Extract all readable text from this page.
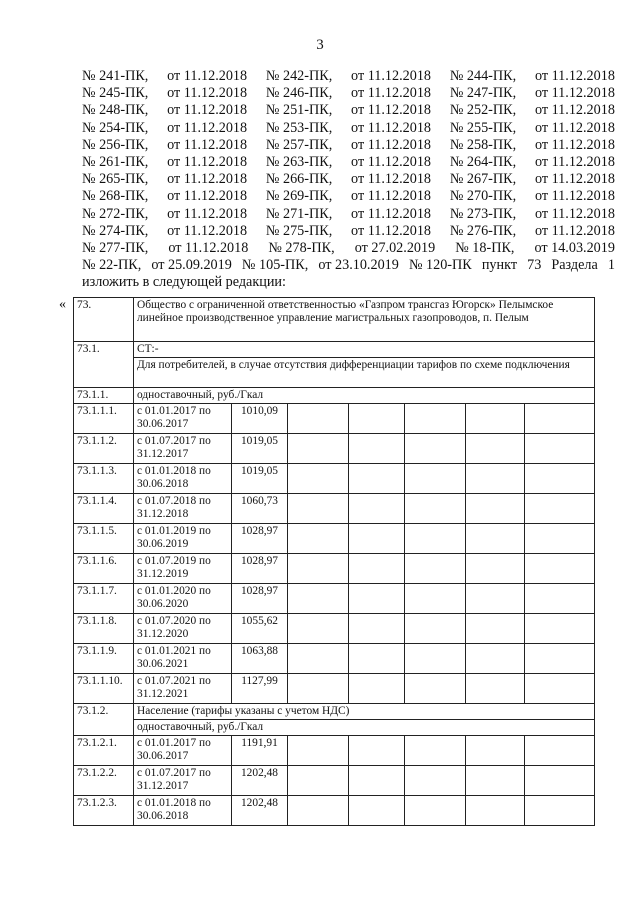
3
№ 241-ПК, от 11.12.2018 № 242-ПК, от 11.12.2018 № 244-ПК, от 11.12.2018
№ 245-ПК, от 11.12.2018 № 246-ПК, от 11.12.2018 № 247-ПК, от 11.12.2018
№ 248-ПК, от 11.12.2018 № 251-ПК, от 11.12.2018 № 252-ПК, от 11.12.2018
№ 254-ПК, от 11.12.2018 № 253-ПК, от 11.12.2018 № 255-ПК, от 11.12.2018
№ 256-ПК, от 11.12.2018 № 257-ПК, от 11.12.2018 № 258-ПК, от 11.12.2018
№ 261-ПК, от 11.12.2018 № 263-ПК, от 11.12.2018 № 264-ПК, от 11.12.2018
№ 265-ПК, от 11.12.2018 № 266-ПК, от 11.12.2018 № 267-ПК, от 11.12.2018
№ 268-ПК, от 11.12.2018 № 269-ПК, от 11.12.2018 № 270-ПК, от 11.12.2018
№ 272-ПК, от 11.12.2018 № 271-ПК, от 11.12.2018 № 273-ПК, от 11.12.2018
№ 274-ПК, от 11.12.2018 № 275-ПК, от 11.12.2018 № 276-ПК, от 11.12.2018
№ 277-ПК, от 11.12.2018 № 278-ПК, от 27.02.2019 № 18-ПК, от 14.03.2019
№ 22-ПК, от 25.09.2019 № 105-ПК, от 23.10.2019 № 120-ПК пункт 73 Раздела 1
изложить в следующей редакции:
« 73.	Общество с ограниченной ответственностью «Газпром трансгаз Югорск» Пелымское линейное производственное управление магистральных газопроводов, п. Пелым						
73.1.	СТ:-						
	Для потребителей, в случае отсутствия дифференциации тарифов по схеме подключения						
73.1.1.	одноставочный, руб./Гкал						
73.1.1.1.	с 01.01.2017 по 30.06.2017	1010,09					
73.1.1.2.	с 01.07.2017 по 31.12.2017	1019,05					
73.1.1.3.	с 01.01.2018 по 30.06.2018	1019,05					
73.1.1.4.	с 01.07.2018 по 31.12.2018	1060,73					
73.1.1.5.	с 01.01.2019 по 30.06.2019	1028,97					
73.1.1.6.	с 01.07.2019 по 31.12.2019	1028,97					
73.1.1.7.	с 01.01.2020 по 30.06.2020	1028,97					
73.1.1.8.	с 01.07.2020 по 31.12.2020	1055,62					
73.1.1.9.	с 01.01.2021 по 30.06.2021	1063,88					
73.1.1.10.	с 01.07.2021 по 31.12.2021	1127,99					
73.1.2.	Население (тарифы указаны с учетом НДС)						
	одноставочный, руб./Гкал						
73.1.2.1.	с 01.01.2017 по 30.06.2017	1191,91					
73.1.2.2.	с 01.07.2017 по 31.12.2017	1202,48					
73.1.2.3.	с 01.01.2018 по 30.06.2018	1202,48					
